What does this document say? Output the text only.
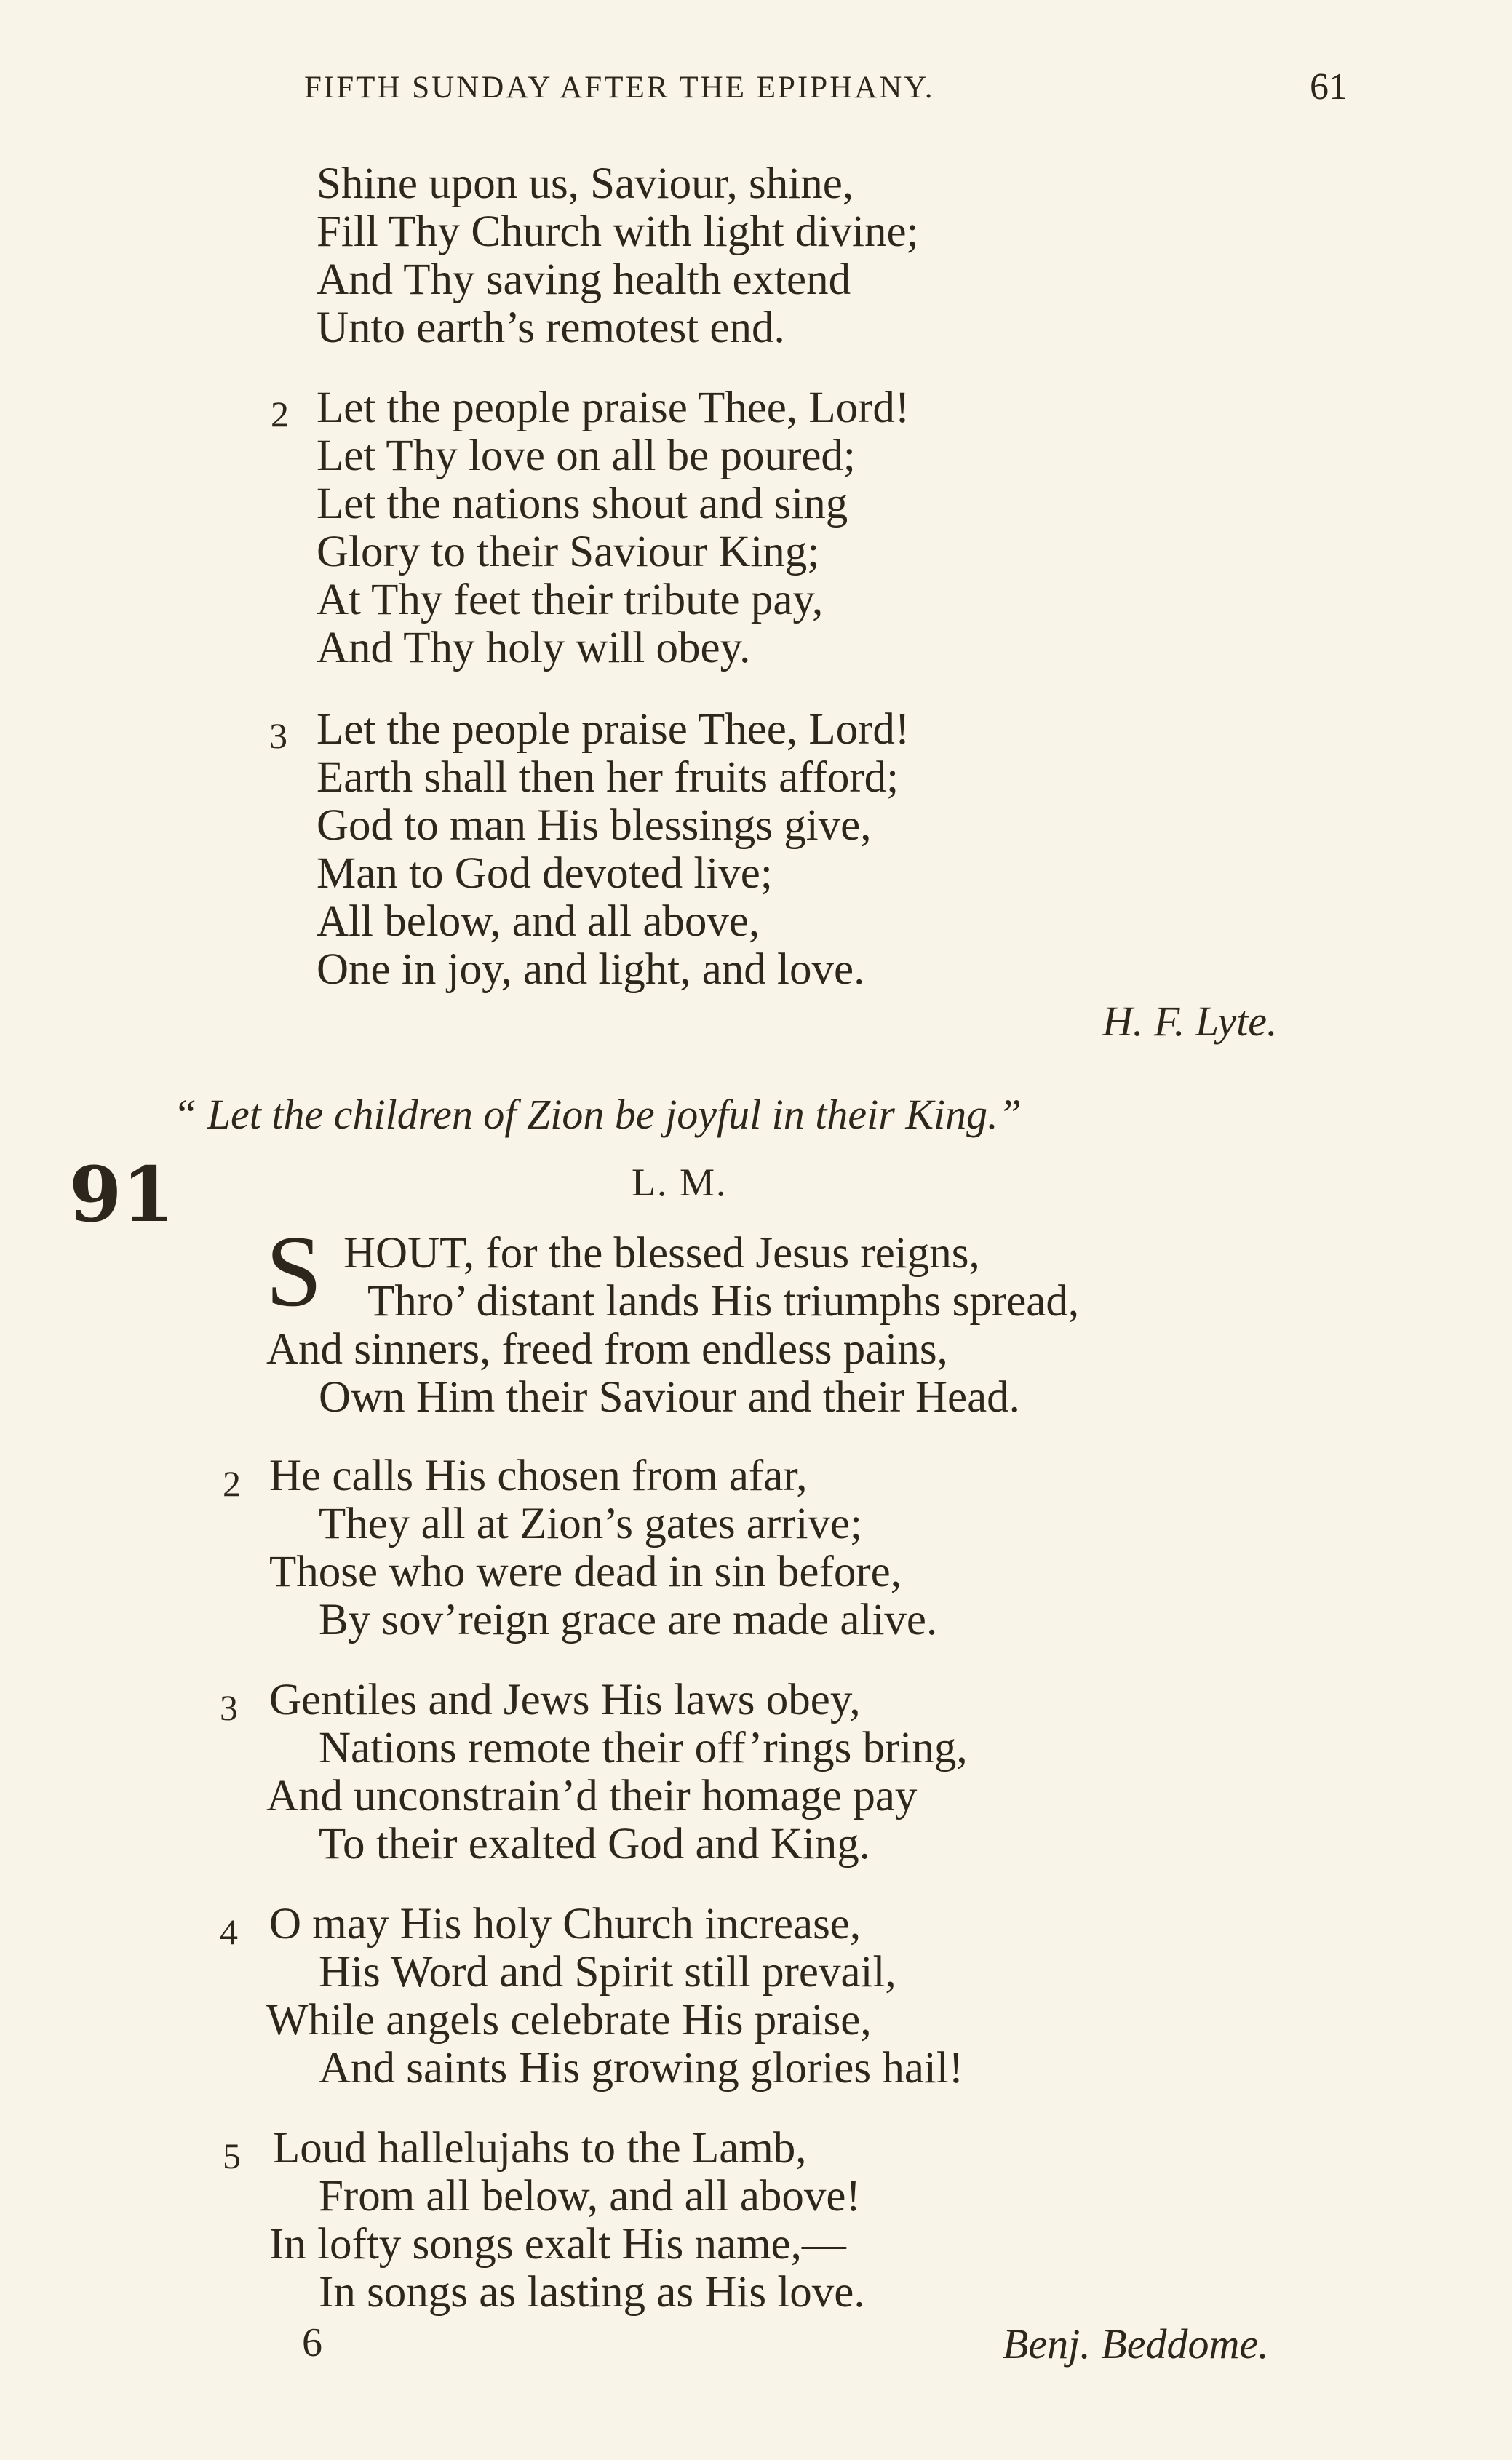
FIFTH SUNDAY AFTER THE EPIPHANY.	61
Shine upon us, Saviour, shine,
Fill Thy Church with light divine;
And Thy saving health extend
Unto earth’s remotest end.
2 Let the people praise Thee, Lord!
Let Thy love on all be poured;
Let the nations shout and sing
Glory to their Saviour King;
At Thy feet their tribute pay,
And Thy holy will obey.
3 Let the people praise Thee, Lord!
Earth shall then her fruits afford;
God to man His blessings give,
Man to God devoted live;
All below, and all above,
One in joy, and light, and love.
H. F. Lyte.
“ Let the children of Zion be joyful in their King.”
91	L. M.
S HOUT, for the blessed Jesus reigns,
Thro’ distant lands His triumphs spread,
And sinners, freed from endless pains,
Own Him their Saviour and their Head.
2 He calls His chosen from afar,
They all at Zion’s gates arrive;
Those who were dead in sin before,
By sov’reign grace are made alive.
3 Gentiles and Jews His laws obey,
Nations remote their off’rings bring,
And unconstrain’d their homage pay
To their exalted God and King.
4 O may His holy Church increase,
His Word and Spirit still prevail,
While angels celebrate His praise,
And saints His growing glories hail!
5 Loud hallelujahs to the Lamb,
From all below, and all above!
In lofty songs exalt His name,—
In songs as lasting as His love.
6	Benj. Beddome.
